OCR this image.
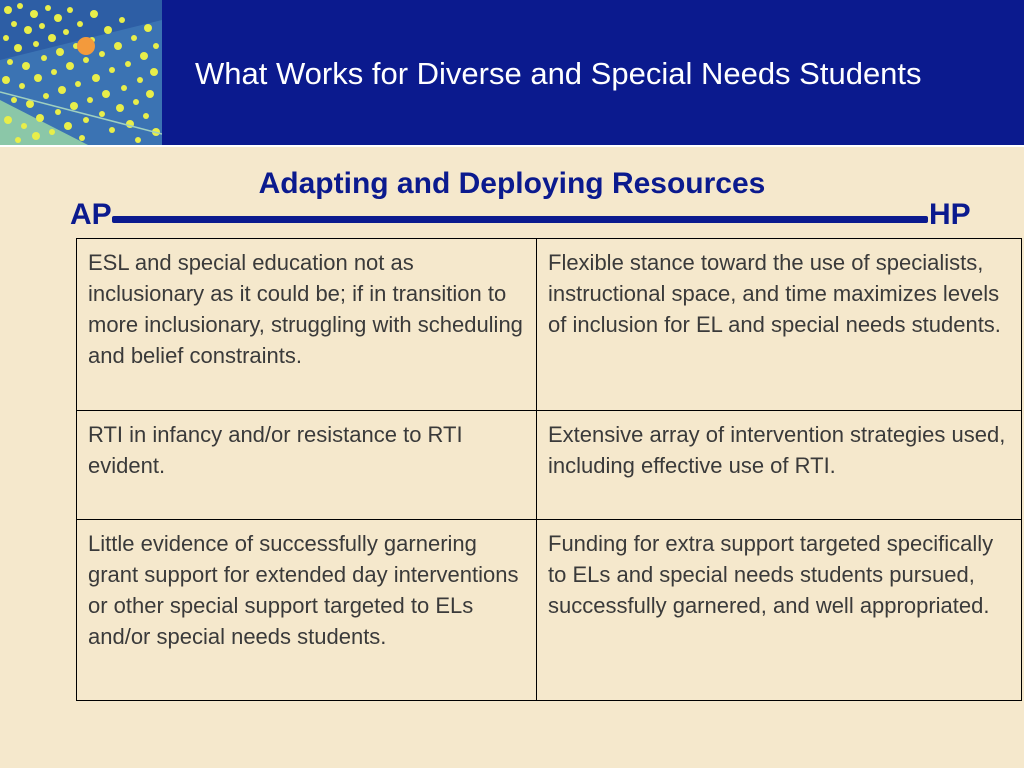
What Works for Diverse and Special Needs Students
Adapting and Deploying Resources
AP	HP
ESL and special education not as inclusionary as it could be; if in transition to more inclusionary, struggling with scheduling and belief constraints.	Flexible stance toward the use of specialists, instructional space, and time maximizes levels of inclusion for EL and special needs students.
RTI in infancy and/or resistance to RTI evident.	Extensive array of intervention strategies used, including effective use of RTI.
Little evidence of successfully garnering grant support for extended day interventions or other special support targeted to ELs and/or special needs students.	Funding for extra support targeted specifically to ELs and special needs students pursued, successfully garnered, and well appropriated.
